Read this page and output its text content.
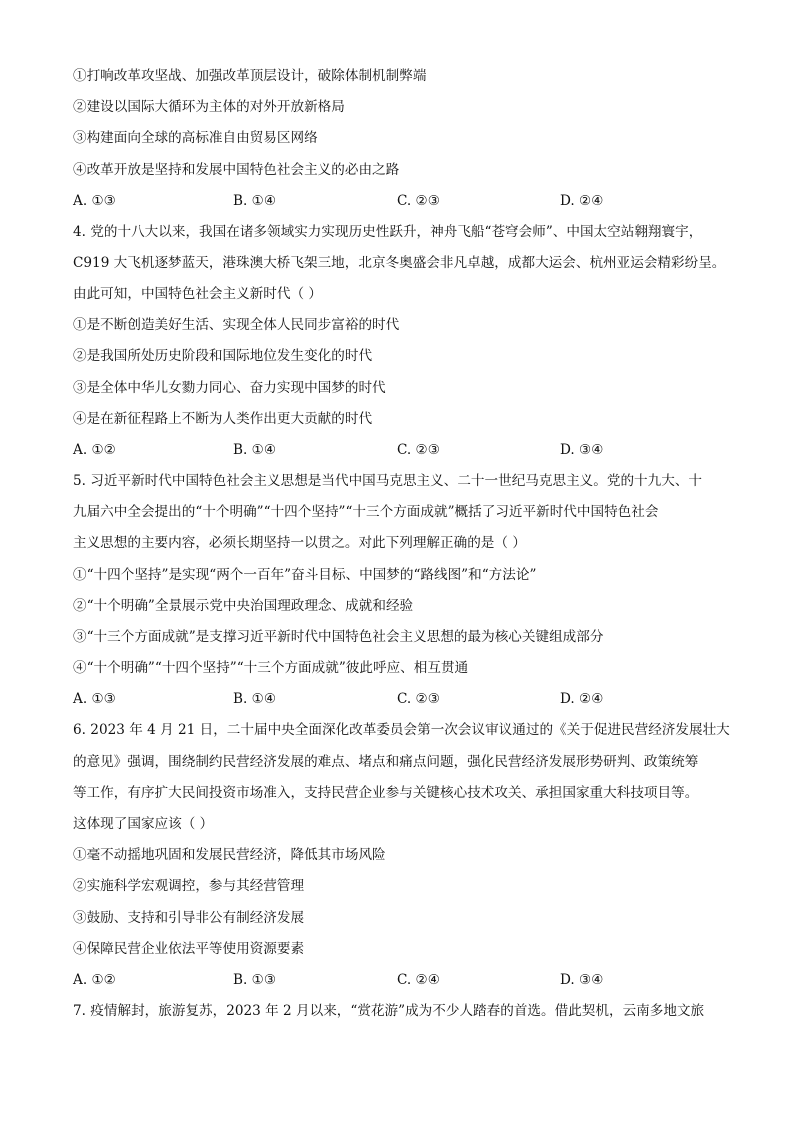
①打响改革攻坚战、加强改革顶层设计，破除体制机制弊端
②建设以国际大循环为主体的对外开放新格局
③构建面向全球的高标准自由贸易区网络
④改革开放是坚持和发展中国特色社会主义的必由之路
A. ①③	B. ①④	C. ②③	D. ②④
4. 党的十八大以来，我国在诸多领域实力实现历史性跃升，神舟飞船“苍穹会师”、中国太空站翱翔寰宇，
C919 大飞机逐梦蓝天，港珠澳大桥飞架三地，北京冬奥盛会非凡卓越，成都大运会、杭州亚运会精彩纷呈。
由此可知，中国特色社会主义新时代（ ）
①是不断创造美好生活、实现全体人民同步富裕的时代
②是我国所处历史阶段和国际地位发生变化的时代
③是全体中华儿女勠力同心、奋力实现中国梦的时代
④是在新征程路上不断为人类作出更大贡献的时代
A. ①②	B. ①④	C. ②③	D. ③④
5. 习近平新时代中国特色社会主义思想是当代中国马克思主义、二十一世纪马克思主义。党的十九大、十
九届六中全会提出的“十个明确”“十四个坚持”“十三个方面成就”概括了习近平新时代中国特色社会
主义思想的主要内容，必须长期坚持一以贯之。对此下列理解正确的是（ ）
①“十四个坚持”是实现“两个一百年”奋斗目标、中国梦的“路线图”和“方法论”
②“十个明确”全景展示党中央治国理政理念、成就和经验
③“十三个方面成就”是支撑习近平新时代中国特色社会主义思想的最为核心关键组成部分
④“十个明确”“十四个坚持”“十三个方面成就”彼此呼应、相互贯通
A. ①③	B. ①④	C. ②③	D. ②④
6. 2023 年 4 月 21 日，二十届中央全面深化改革委员会第一次会议审议通过的《关于促进民营经济发展壮大
的意见》强调，围绕制约民营经济发展的难点、堵点和痛点问题，强化民营经济发展形势研判、政策统筹
等工作，有序扩大民间投资市场准入，支持民营企业参与关键核心技术攻关、承担国家重大科技项目等。
这体现了国家应该（ ）
①毫不动摇地巩固和发展民营经济，降低其市场风险
②实施科学宏观调控，参与其经营管理
③鼓励、支持和引导非公有制经济发展
④保障民营企业依法平等使用资源要素
A. ①②	B. ①③	C. ②④	D. ③④
7. 疫情解封，旅游复苏，2023 年 2 月以来，“赏花游”成为不少人踏春的首选。借此契机，云南多地文旅
